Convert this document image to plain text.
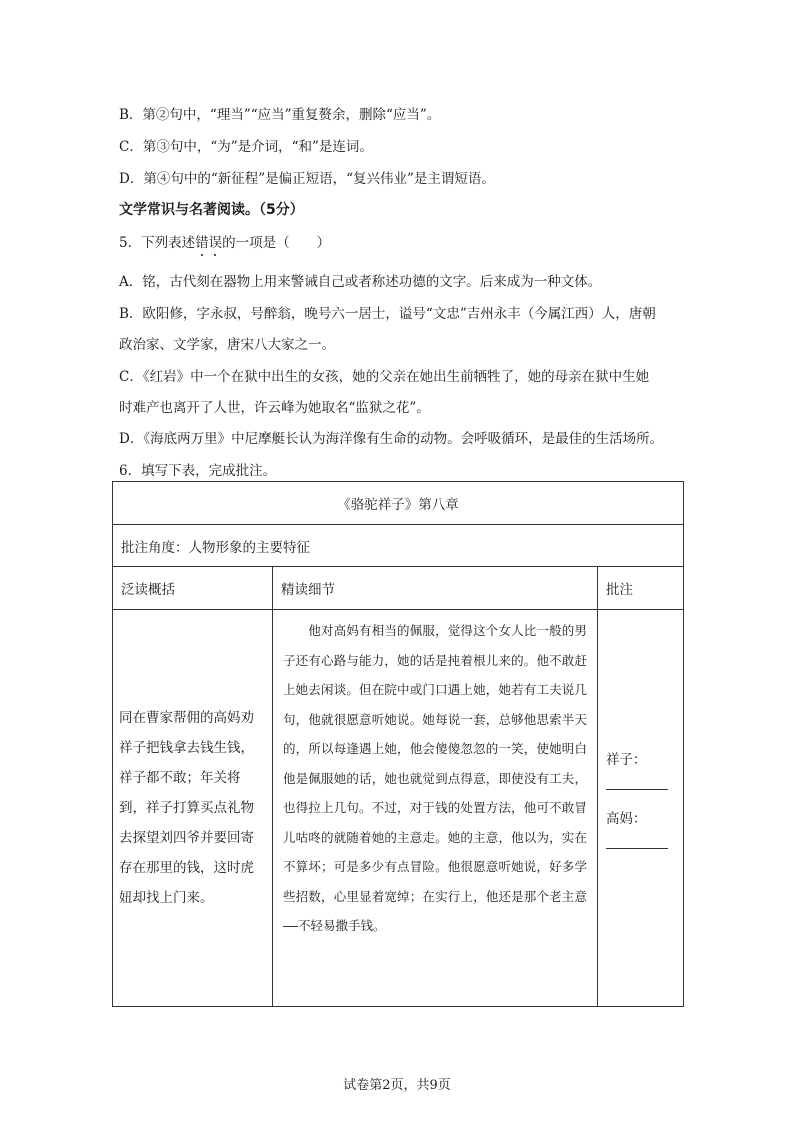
B．第②句中，“理当”“应当”重复赘余，删除“应当”。
C．第③句中，“为”是介词，“和”是连词。
D．第④句中的“新征程”是偏正短语，“复兴伟业”是主谓短语。
文学常识与名著阅读。（5分）
5．下列表述错误的一项是（　　）
A．铭，古代刻在器物上用来警诫自己或者称述功德的文字。后来成为一种文体。
B．欧阳修，字永叔，号醉翁，晚号六一居士，谥号“文忠”吉州永丰（今属江西）人，唐朝
政治家、文学家，唐宋八大家之一。
C．《红岩》中一个在狱中出生的女孩，她的父亲在她出生前牺牲了，她的母亲在狱中生她
时难产也离开了人世，许云峰为她取名“监狱之花”。
D．《海底两万里》中尼摩艇长认为海洋像有生命的动物。会呼吸循环，是最佳的生活场所。
6．填写下表，完成批注。
《骆驼祥子》第八章		
批注角度：人物形象的主要特征		
泛读概括	精读细节	批注
同在曹家帮佣的高妈劝祥子把钱拿去钱生钱，祥子都不敢；年关将到，祥子打算买点礼物去探望刘四爷并要回寄存在那里的钱，这时虎妞却找上门来。	　　他对高妈有相当的佩服，觉得这个女人比一般的男子还有心路与能力，她的话是扽着根儿来的。他不敢赶上她去闲谈。但在院中或门口遇上她，她若有工夫说几句，他就很愿意听她说。她每说一套，总够他思索半天的，所以每逢遇上她，他会傻傻忽忽的一笑，使她明白他是佩服她的话，她也就觉到点得意，即使没有工夫，也得拉上几句。不过，对于钱的处置方法，他可不敢冒儿咕咚的就随着她的主意走。她的主意，他以为，实在不算坏；可是多少有点冒险。他很愿意听她说，好多学些招数，心里显着宽绰；在实行上，他还是那个老主意——不轻易撒手钱。	祥子：
高妈：
试卷第2页，共9页
